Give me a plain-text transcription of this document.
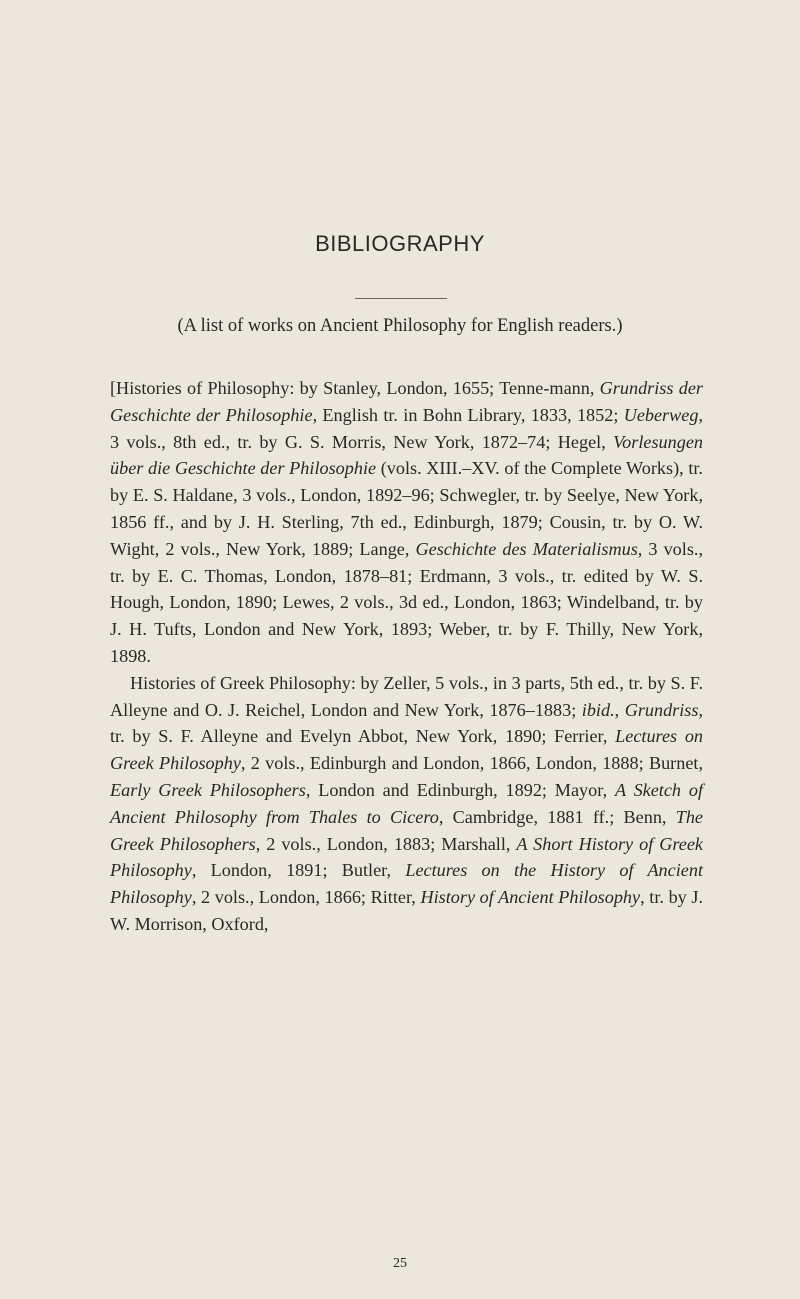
BIBLIOGRAPHY
(A list of works on Ancient Philosophy for English readers.)

[Histories of Philosophy: by Stanley, London, 1655; Tenne-mann, Grundriss der Geschichte der Philosophie, English tr. in Bohn Library, 1833, 1852; Ueberweg, 3 vols., 8th ed., tr. by G. S. Morris, New York, 1872–74; Hegel, Vorlesungen über die Geschichte der Philosophie (vols. XIII.–XV. of the Complete Works), tr. by E. S. Haldane, 3 vols., London, 1892–96; Schwegler, tr. by Seelye, New York, 1856 ff., and by J. H. Sterling, 7th ed., Edinburgh, 1879; Cousin, tr. by O. W. Wight, 2 vols., New York, 1889; Lange, Geschichte des Materialismus, 3 vols., tr. by E. C. Thomas, London, 1878–81; Erdmann, 3 vols., tr. edited by W. S. Hough, London, 1890; Lewes, 2 vols., 3d ed., London, 1863; Windelband, tr. by J. H. Tufts, London and New York, 1893; Weber, tr. by F. Thilly, New York, 1898.

Histories of Greek Philosophy: by Zeller, 5 vols., in 3 parts, 5th ed., tr. by S. F. Alleyne and O. J. Reichel, London and New York, 1876–1883; ibid., Grundriss, tr. by S. F. Alleyne and Evelyn Abbot, New York, 1890; Ferrier, Lectures on Greek Philosophy, 2 vols., Edinburgh and London, 1866, London, 1888; Burnet, Early Greek Philosophers, London and Edinburgh, 1892; Mayor, A Sketch of Ancient Philosophy from Thales to Cicero, Cambridge, 1881 ff.; Benn, The Greek Philosophers, 2 vols., London, 1883; Marshall, A Short History of Greek Philosophy, London, 1891; Butler, Lectures on the History of Ancient Philosophy, 2 vols., London, 1866; Ritter, History of Ancient Philosophy, tr. by J. W. Morrison, Oxford,

25
